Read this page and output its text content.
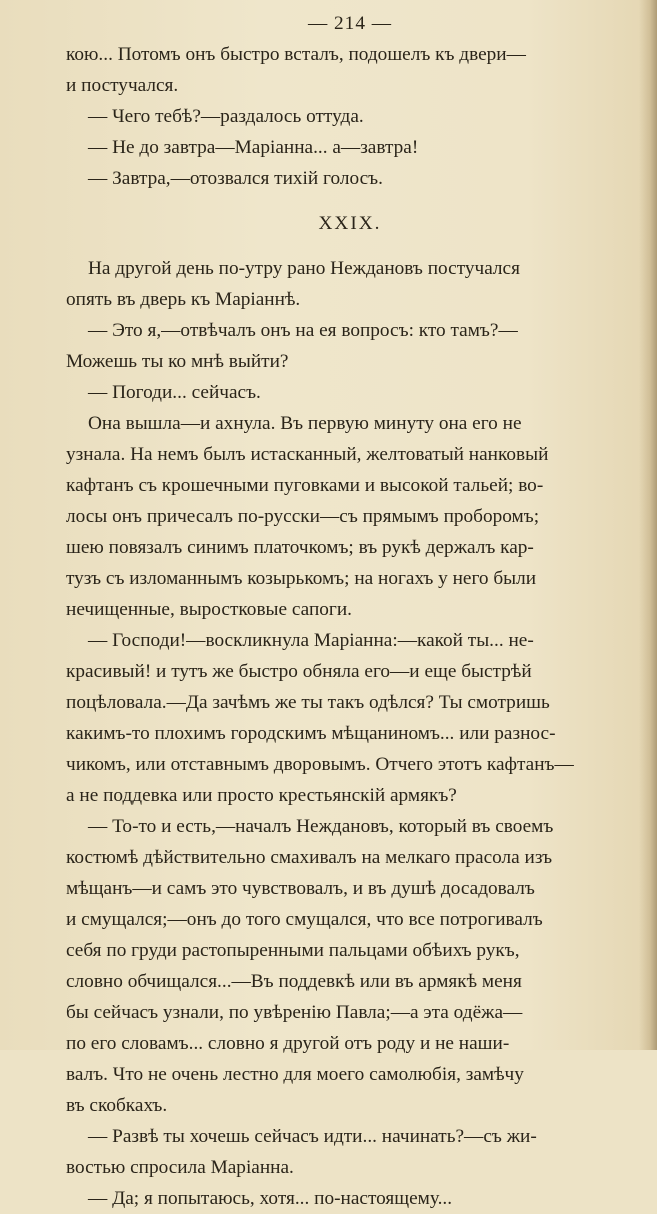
— 214 —
кою... Потомъ онъ быстро всталъ, подошелъ къ двери—
и постучался.
— Чего тебѣ?—раздалось оттуда.
— Не до завтра—Маріанна... а—завтра!
— Завтра,—отозвался тихій голосъ.
XXIX.
На другой день по-утру рано Неждановъ постучался
опять въ дверь къ Маріаннѣ.
— Это я,—отвѣчалъ онъ на ея вопросъ: кто тамъ?—
Можешь ты ко мнѣ выйти?
— Погоди... сейчасъ.
Она вышла—и ахнула. Въ первую минуту она его не
узнала. На немъ былъ истасканный, желтоватый нанковый
кафтанъ съ крошечными пуговками и высокой тальей; во-
лосы онъ причесалъ по-русски—съ прямымъ проборомъ;
шею повязалъ синимъ платочкомъ; въ рукѣ держалъ кар-
тузъ съ изломаннымъ козырькомъ; на ногахъ у него были
нечищенные, выростковые сапоги.
— Господи!—воскликнула Маріанна:—какой ты... не-
красивый! и тутъ же быстро обняла его—и еще быстрѣй
поцѣловала.—Да зачѣмъ же ты такъ одѣлся? Ты смотришь
какимъ-то плохимъ городскимъ мѣщаниномъ... или разнос-
чикомъ, или отставнымъ дворовымъ. Отчего этотъ кафтанъ—
а не поддевка или просто крестьянскій армякъ?
— То-то и есть,—началъ Неждановъ, который въ своемъ
костюмѣ дѣйствительно смахивалъ на мелкаго прасола изъ
мѣщанъ—и самъ это чувствовалъ, и въ душѣ досадовалъ
и смущался;—онъ до того смущался, что все потрогивалъ
себя по груди растопыренными пальцами обѣихъ рукъ,
словно обчищался...—Въ поддевкѣ или въ армякѣ меня
бы сейчасъ узнали, по увѣренію Павла;—а эта одёжа—
по его словамъ... словно я другой отъ роду и не наши-
валъ. Что не очень лестно для моего самолюбія, замѣчу
въ скобкахъ.
— Развѣ ты хочешь сейчасъ идти... начинать?—съ жи-
востью спросила Маріанна.
— Да; я попытаюсь, хотя... по-настоящему...
